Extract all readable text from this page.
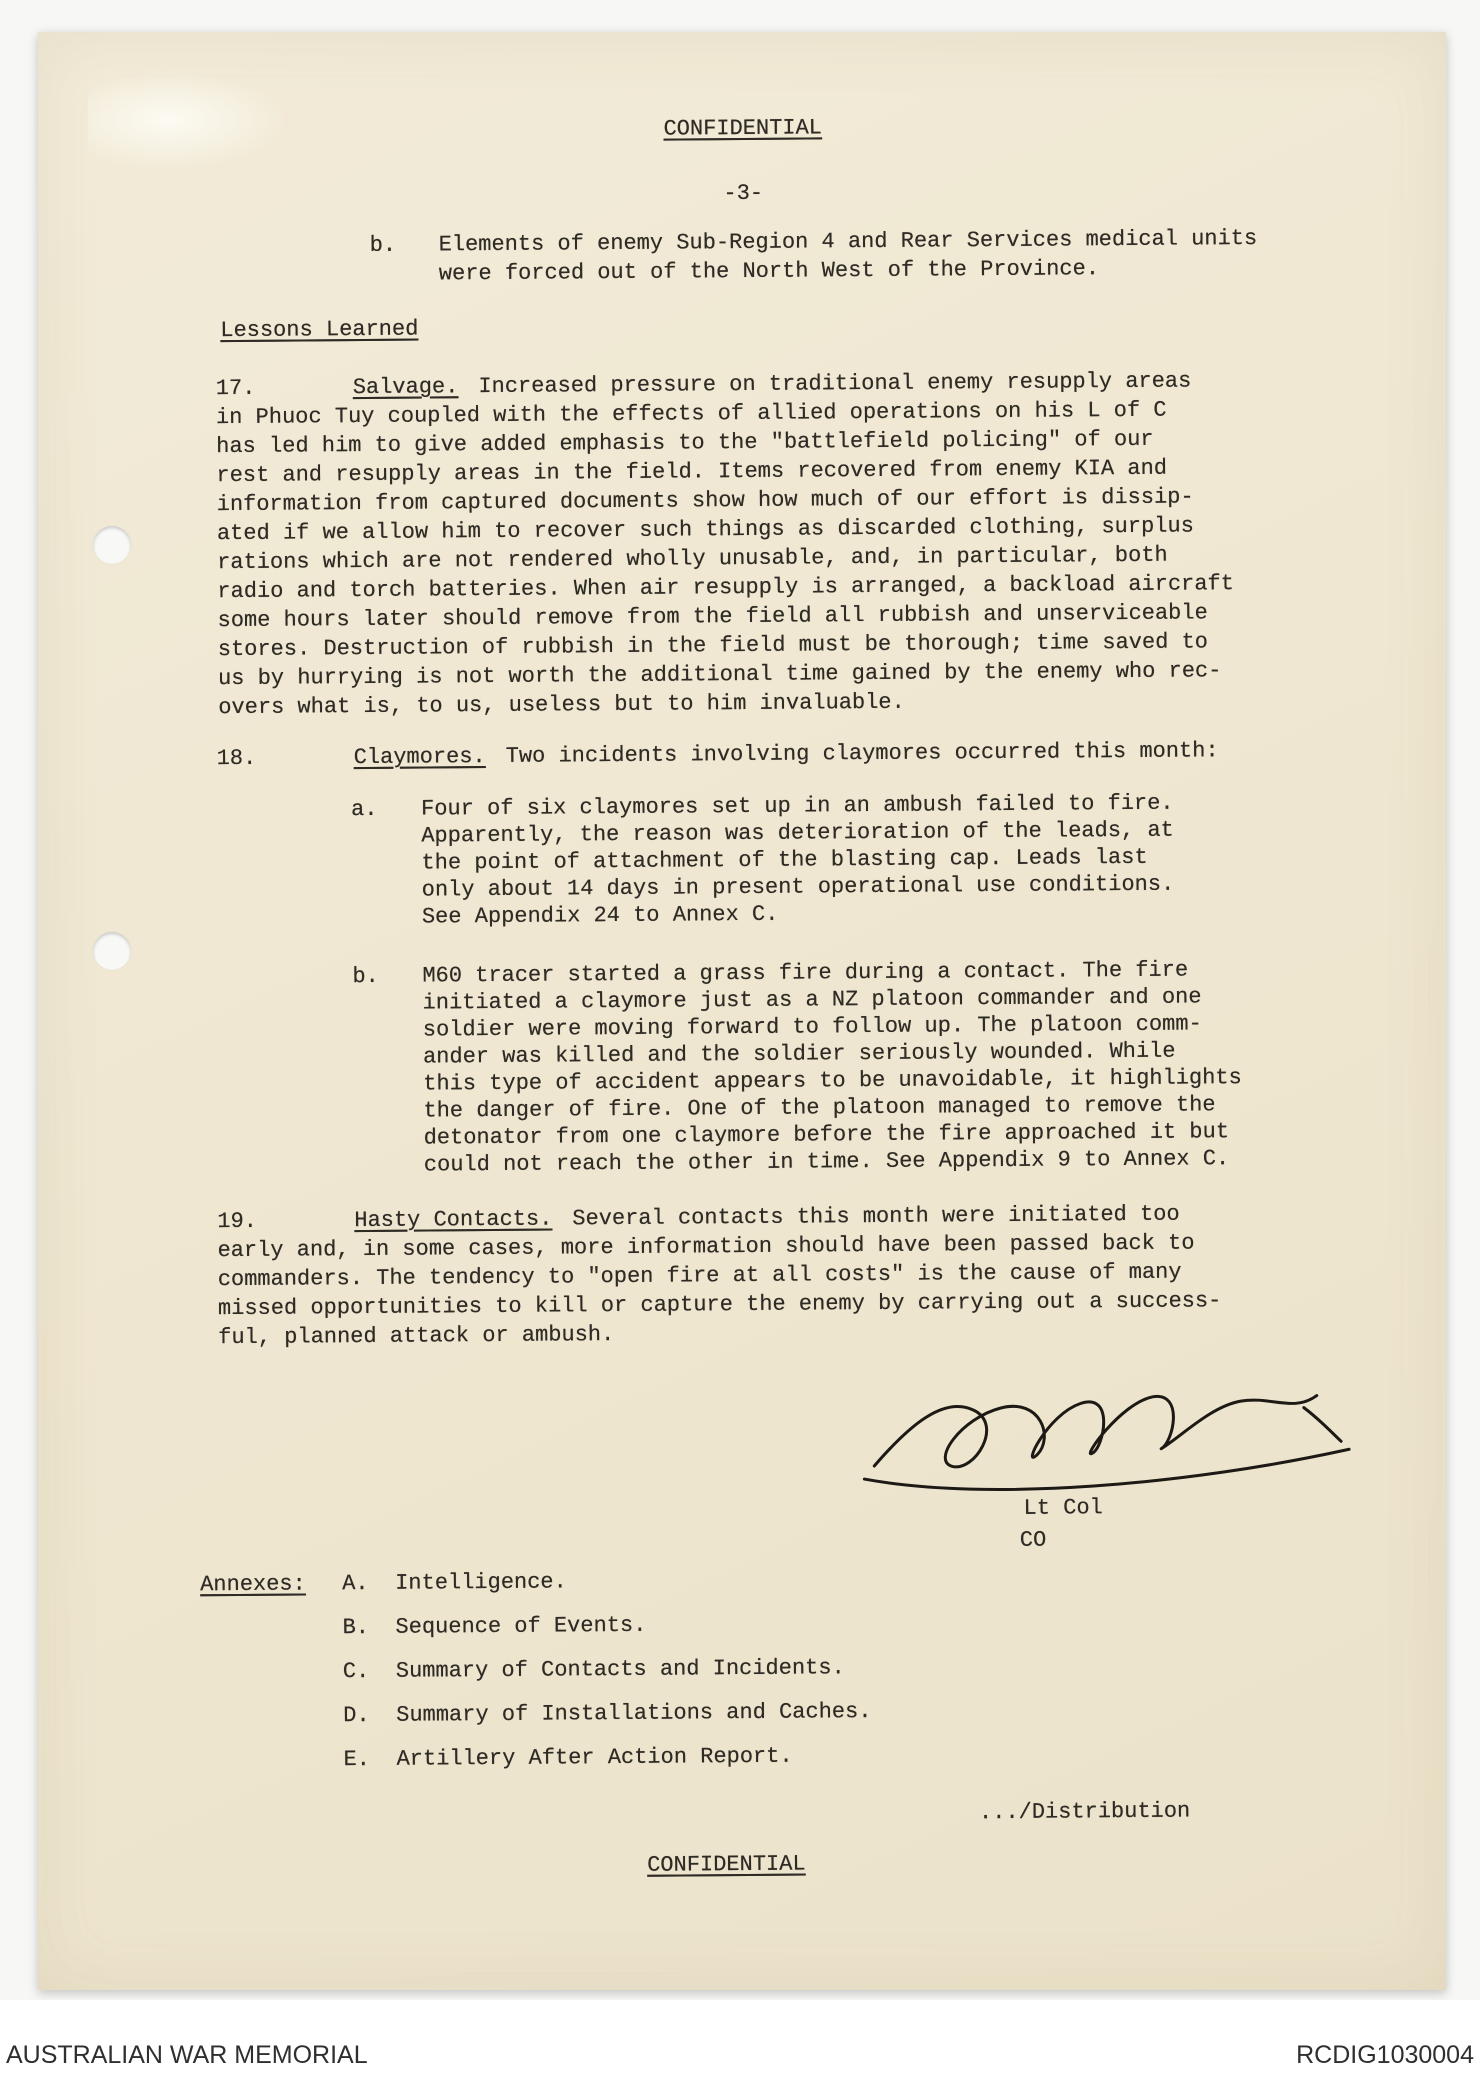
CONFIDENTIAL
-3-
b.	Elements of enemy Sub-Region 4 and Rear Services medical units
were forced out of the North West of the Province.
Lessons Learned
17.	Salvage. Increased pressure on traditional enemy resupply areas
in Phuoc Tuy coupled with the effects of allied operations on his L of C
has led him to give added emphasis to the "battlefield policing" of our
rest and resupply areas in the field. Items recovered from enemy KIA and
information from captured documents show how much of our effort is dissip-
ated if we allow him to recover such things as discarded clothing, surplus
rations which are not rendered wholly unusable, and, in particular, both
radio and torch batteries. When air resupply is arranged, a backload aircraft
some hours later should remove from the field all rubbish and unserviceable
stores. Destruction of rubbish in the field must be thorough; time saved to
us by hurrying is not worth the additional time gained by the enemy who rec-
overs what is, to us, useless but to him invaluable.
18.	Claymores. Two incidents involving claymores occurred this month:
a.	Four of six claymores set up in an ambush failed to fire.
Apparently, the reason was deterioration of the leads, at
the point of attachment of the blasting cap. Leads last
only about 14 days in present operational use conditions.
See Appendix 24 to Annex C.
b.	M60 tracer started a grass fire during a contact. The fire
initiated a claymore just as a NZ platoon commander and one
soldier were moving forward to follow up. The platoon comm-
ander was killed and the soldier seriously wounded. While
this type of accident appears to be unavoidable, it highlights
the danger of fire. One of the platoon managed to remove the
detonator from one claymore before the fire approached it but
could not reach the other in time. See Appendix 9 to Annex C.
19.	Hasty Contacts. Several contacts this month were initiated too
early and, in some cases, more information should have been passed back to
commanders. The tendency to "open fire at all costs" is the cause of many
missed opportunities to kill or capture the enemy by carrying out a success-
ful, planned attack or ambush.
Lt Col
CO
Annexes: A.	Intelligence.
B.	Sequence of Events.
C.	Summary of Contacts and Incidents.
D.	Summary of Installations and Caches.
E.	Artillery After Action Report.
.../Distribution
CONFIDENTIAL
AUSTRALIAN WAR MEMORIAL	RCDIG1030004
